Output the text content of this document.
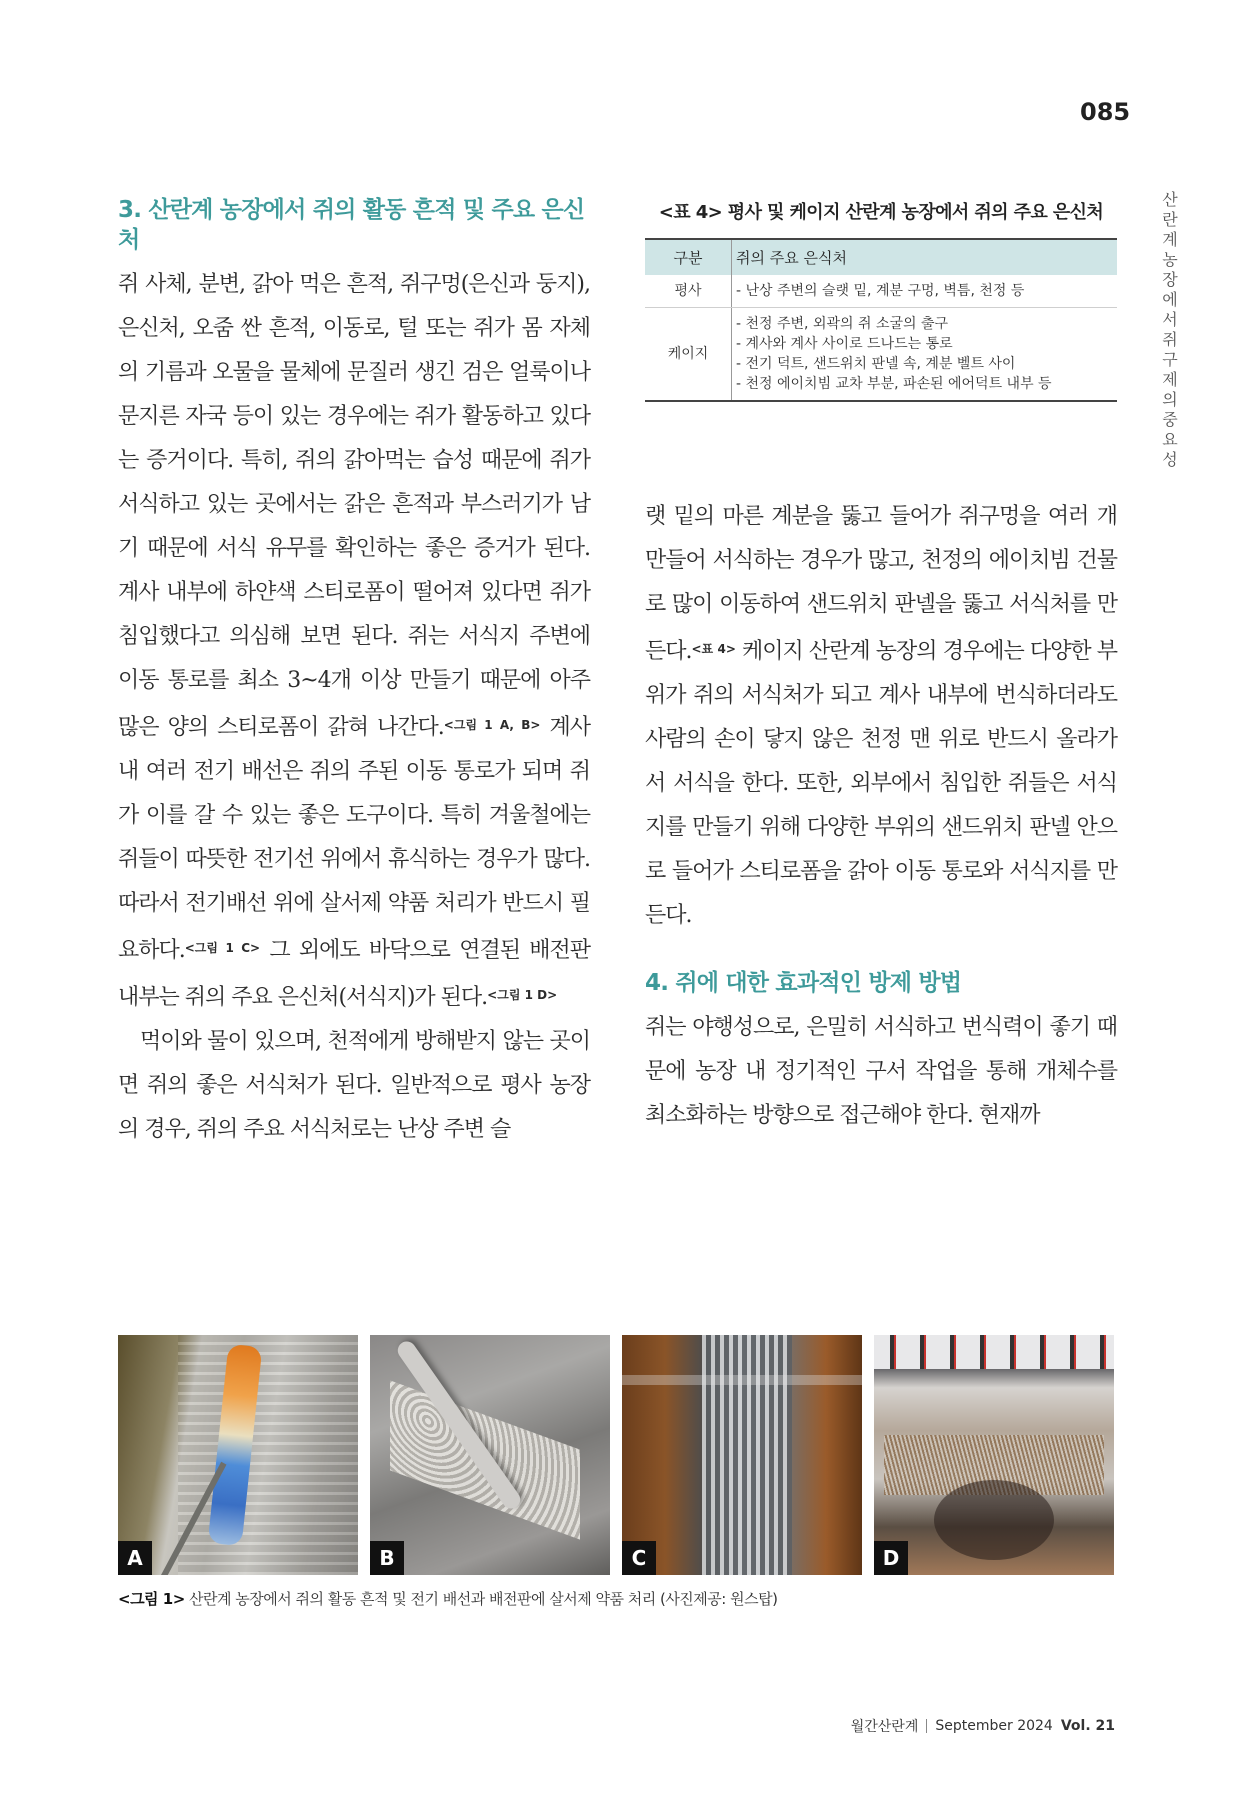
085
산란계 농장에서 쥐 구제의 중요성
3. 산란계 농장에서 쥐의 활동 흔적 및 주요 은신처

쥐 사체, 분변, 갉아 먹은 흔적, 쥐구멍(은신과 둥지), 은신처, 오줌 싼 흔적, 이동로, 털 또는 쥐가 몸 자체의 기름과 오물을 물체에 문질러 생긴 검은 얼룩이나 문지른 자국 등이 있는 경우에는 쥐가 활동하고 있다는 증거이다. 특히, 쥐의 갉아먹는 습성 때문에 쥐가 서식하고 있는 곳에서는 갉은 흔적과 부스러기가 남기 때문에 서식 유무를 확인하는 좋은 증거가 된다. 계사 내부에 하얀색 스티로폼이 떨어져 있다면 쥐가 침입했다고 의심해 보면 된다. 쥐는 서식지 주변에 이동 통로를 최소 3~4개 이상 만들기 때문에 아주 많은 양의 스티로폼이 갉혀 나간다.$^{<그림 1 A, B>}$ 계사 내 여러 전기 배선은 쥐의 주된 이동 통로가 되며 쥐가 이를 갈 수 있는 좋은 도구이다. 특히 겨울철에는 쥐들이 따뜻한 전기선 위에서 휴식하는 경우가 많다. 따라서 전기배선 위에 살서제 약품 처리가 반드시 필요하다.$^{<그림 1 C>}$ 그 외에도 바닥으로 연결된 배전판 내부는 쥐의 주요 은신처(서식지)가 된다.$^{<그림 1 D>}$

먹이와 물이 있으며, 천적에게 방해받지 않는 곳이면 쥐의 좋은 서식처가 된다. 일반적으로 평사 농장의 경우, 쥐의 주요 서식처로는 난상 주변 슬

<표 4> 평사 및 케이지 산란계 농장에서 쥐의 주요 은신처

구분	쥐의 주요 은식처
평사	- 난상 주변의 슬랫 밑, 계분 구멍, 벽틈, 천정 등

케이지	- 천정 주변, 외곽의 쥐 소굴의 출구
- 계사와 계사 사이로 드나드는 통로
- 전기 덕트, 샌드위치 판넬 속, 계분 벨트 사이
- 천정 에이치빔 교차 부분, 파손된 에어덕트 내부 등

랫 밑의 마른 계분을 뚫고 들어가 쥐구멍을 여러 개 만들어 서식하는 경우가 많고, 천정의 에이치빔 건물로 많이 이동하여 샌드위치 판넬을 뚫고 서식처를 만든다.$^{<표 4>}$ 케이지 산란계 농장의 경우에는 다양한 부위가 쥐의 서식처가 되고 계사 내부에 번식하더라도 사람의 손이 닿지 않은 천정 맨 위로 반드시 올라가서 서식을 한다. 또한, 외부에서 침입한 쥐들은 서식지를 만들기 위해 다양한 부위의 샌드위치 판넬 안으로 들어가 스티로폼을 갉아 이동 통로와 서식지를 만든다.

4. 쥐에 대한 효과적인 방제 방법

쥐는 야행성으로, 은밀히 서식하고 번식력이 좋기 때문에 농장 내 정기적인 구서 작업을 통해 개체수를 최소화하는 방향으로 접근해야 한다. 현재까

A	B	C	D
<그림 1> 산란계 농장에서 쥐의 활동 흔적 및 전기 배선과 배전판에 살서제 약품 처리 (사진제공: 원스탑)
월간산란계 September 2024 Vol. 21
